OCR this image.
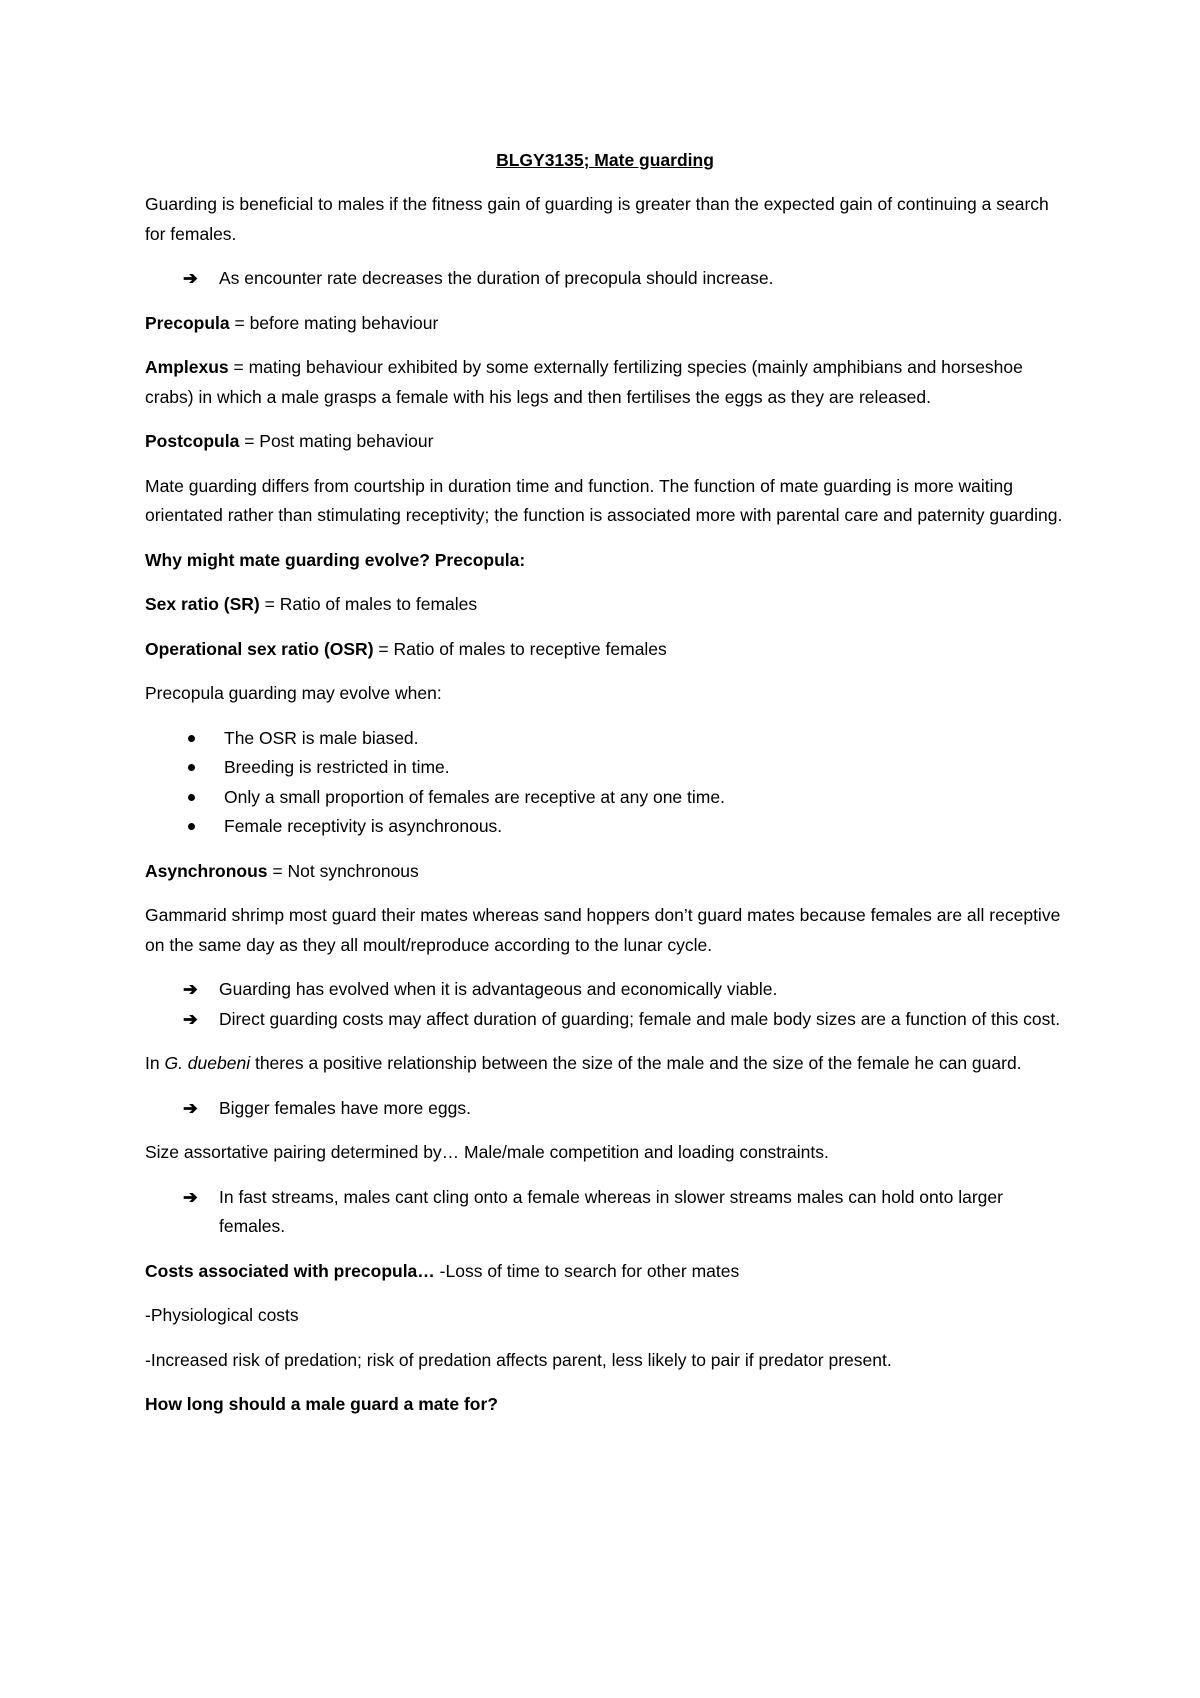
BLGY3135; Mate guarding

Guarding is beneficial to males if the fitness gain of guarding is greater than the expected gain of continuing a search for females.

➔ As encounter rate decreases the duration of precopula should increase.

Precopula = before mating behaviour

Amplexus = mating behaviour exhibited by some externally fertilizing species (mainly amphibians and horseshoe crabs) in which a male grasps a female with his legs and then fertilises the eggs as they are released.

Postcopula = Post mating behaviour

Mate guarding differs from courtship in duration time and function. The function of mate guarding is more waiting orientated rather than stimulating receptivity; the function is associated more with parental care and paternity guarding.

Why might mate guarding evolve? Precopula:

Sex ratio (SR) = Ratio of males to females

Operational sex ratio (OSR) = Ratio of males to receptive females

Precopula guarding may evolve when:

The OSR is male biased.
Breeding is restricted in time.
Only a small proportion of females are receptive at any one time.
Female receptivity is asynchronous.

Asynchronous = Not synchronous

Gammarid shrimp most guard their mates whereas sand hoppers don’t guard mates because females are all receptive on the same day as they all moult/reproduce according to the lunar cycle.

➔ Guarding has evolved when it is advantageous and economically viable.
➔ Direct guarding costs may affect duration of guarding; female and male body sizes are a function of this cost.

In G. duebeni theres a positive relationship between the size of the male and the size of the female he can guard.

➔ Bigger females have more eggs.

Size assortative pairing determined by… Male/male competition and loading constraints.

➔ In fast streams, males cant cling onto a female whereas in slower streams males can hold onto larger females.

Costs associated with precopula… -Loss of time to search for other mates

-Physiological costs

-Increased risk of predation; risk of predation affects parent, less likely to pair if predator present.

How long should a male guard a mate for?
